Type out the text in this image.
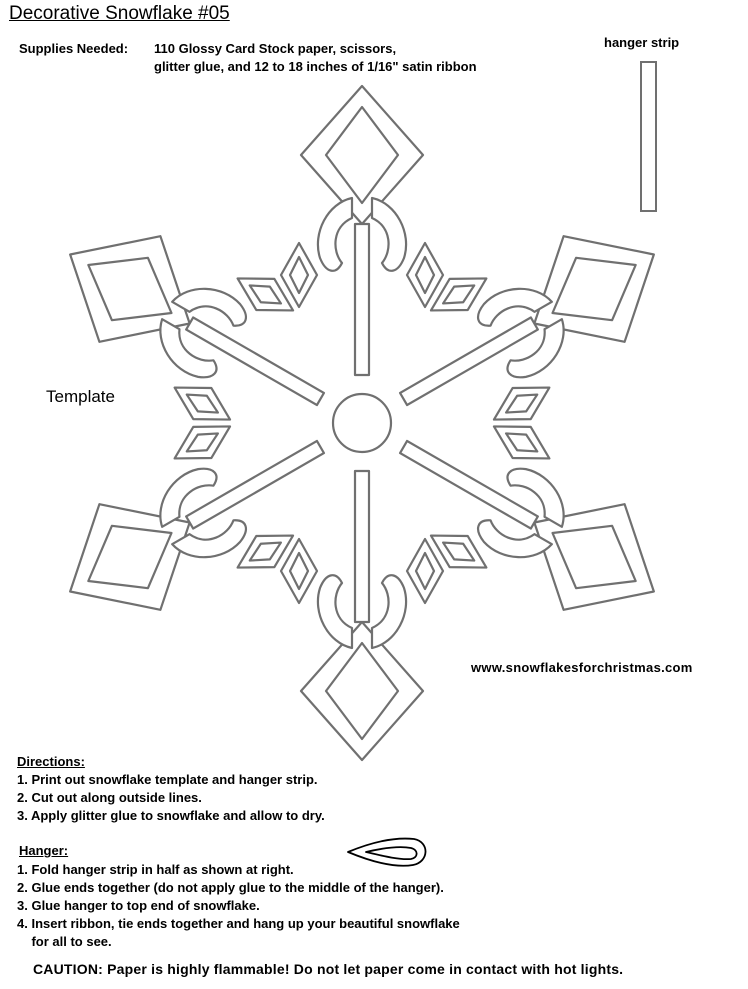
Decorative Snowflake #05
Supplies Needed: 110 Glossy Card Stock paper, scissors,
glitter glue, and 12 to 18 inches of 1/16" satin ribbon
hanger strip
Template
www.snowflakesforchristmas.com
Directions:
1. Print out snowflake template and hanger strip.
2. Cut out along outside lines.
3. Apply glitter glue to snowflake and allow to dry.
Hanger:
1. Fold hanger strip in half as shown at right.
2. Glue ends together (do not apply glue to the middle of the hanger).
3. Glue hanger to top end of snowflake.
4. Insert ribbon, tie ends together and hang up your beautiful snowflake
for all to see.
CAUTION: Paper is highly flammable! Do not let paper come in contact with hot lights.
